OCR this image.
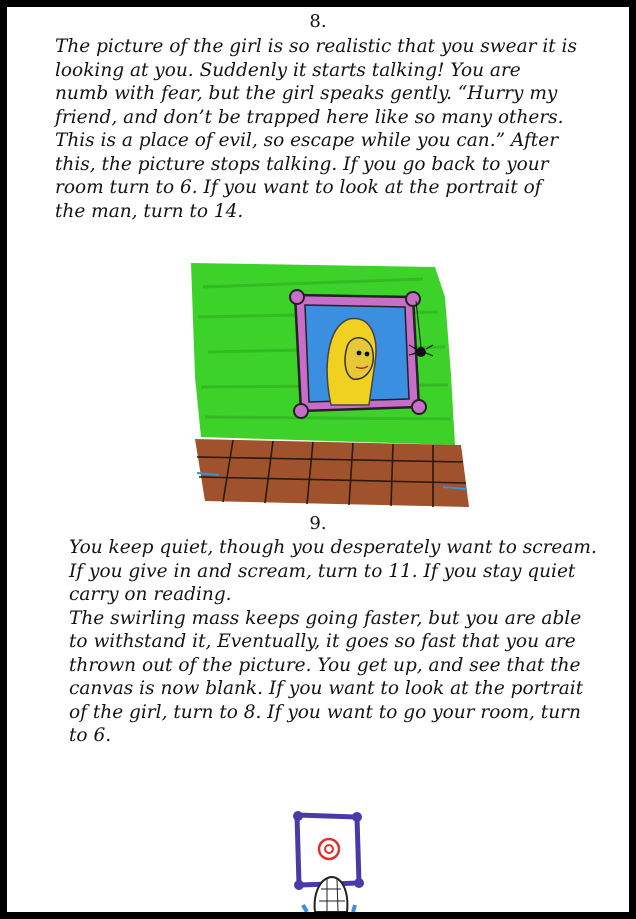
8.

The picture of the girl is so realistic that you swear it is
looking at you. Suddenly it starts talking! You are
numb with fear, but the girl speaks gently. “Hurry my
friend, and don’t be trapped here like so many others.
This is a place of evil, so escape while you can.” After
this, the picture stops talking. If you go back to your
room turn to 6. If you want to look at the portrait of
the man, turn to 14.

9.

You keep quiet, though you desperately want to scream.
If you give in and scream, turn to 11. If you stay quiet
carry on reading.
The swirling mass keeps going faster, but you are able
to withstand it, Eventually, it goes so fast that you are
thrown out of the picture. You get up, and see that the
canvas is now blank. If you want to look at the portrait
of the girl, turn to 8. If you want to go your room, turn
to 6.
